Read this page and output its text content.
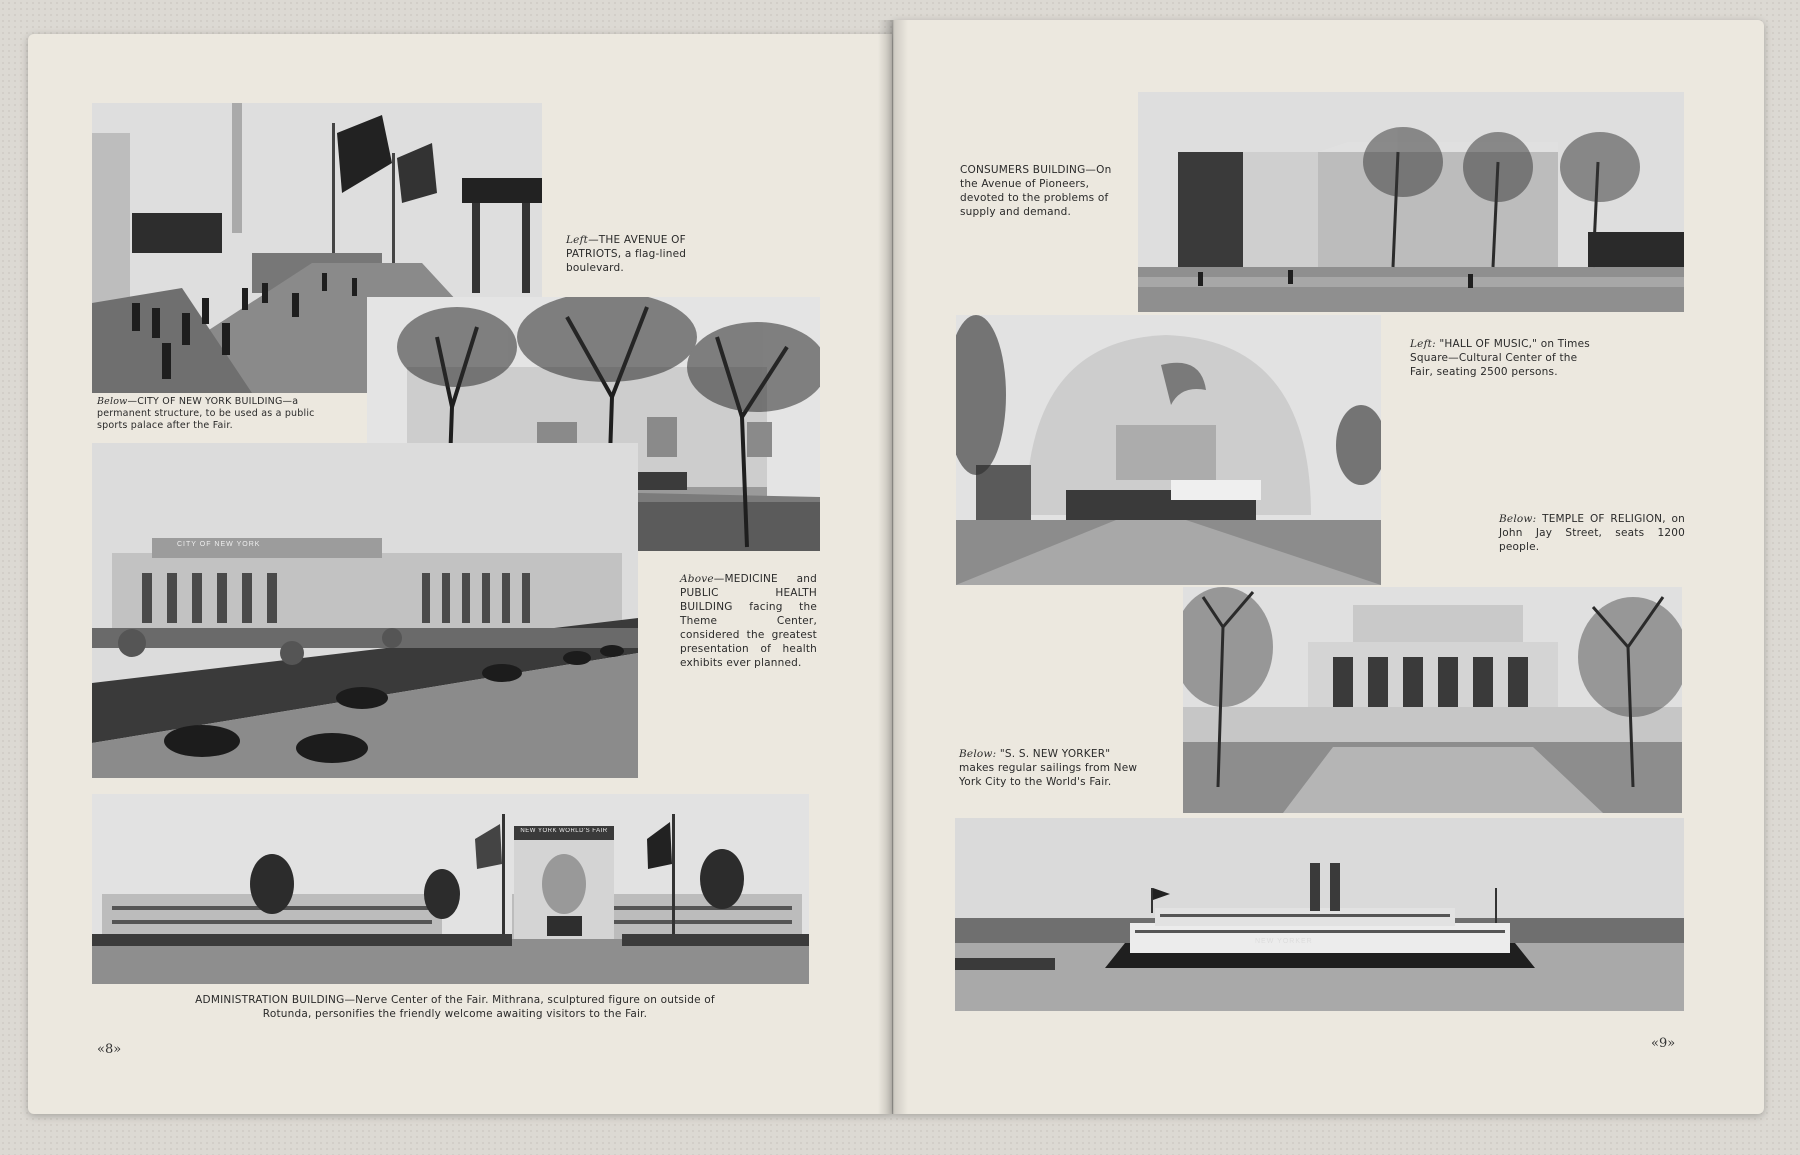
Left—THE AVENUE OF PATRIOTS, a flag-lined boulevard.
CITY OF NEW YORK
Below—CITY OF NEW YORK BUILDING—a permanent structure, to be used as a public sports palace after the Fair.
Above—MEDICINE and PUBLIC HEALTH BUILDING facing the Theme Center, considered the greatest presentation of health exhibits ever planned.
NEW YORK WORLD'S FAIR
ADMINISTRATION BUILDING—Nerve Center of the Fair. Mithrana, sculptured figure on outside of Rotunda, personifies the friendly welcome awaiting visitors to the Fair.
«8»
CONSUMERS BUILDING—On the Avenue of Pioneers, devoted to the problems of supply and demand.
Left: "HALL OF MUSIC," on Times Square—Cultural Center of the Fair, seating 2500 persons.
Below: TEMPLE OF RELIGION, on John Jay Street, seats 1200 people.
Below: "S. S. NEW YORKER" makes regular sailings from New York City to the World's Fair.
NEW YORKER
«9»
